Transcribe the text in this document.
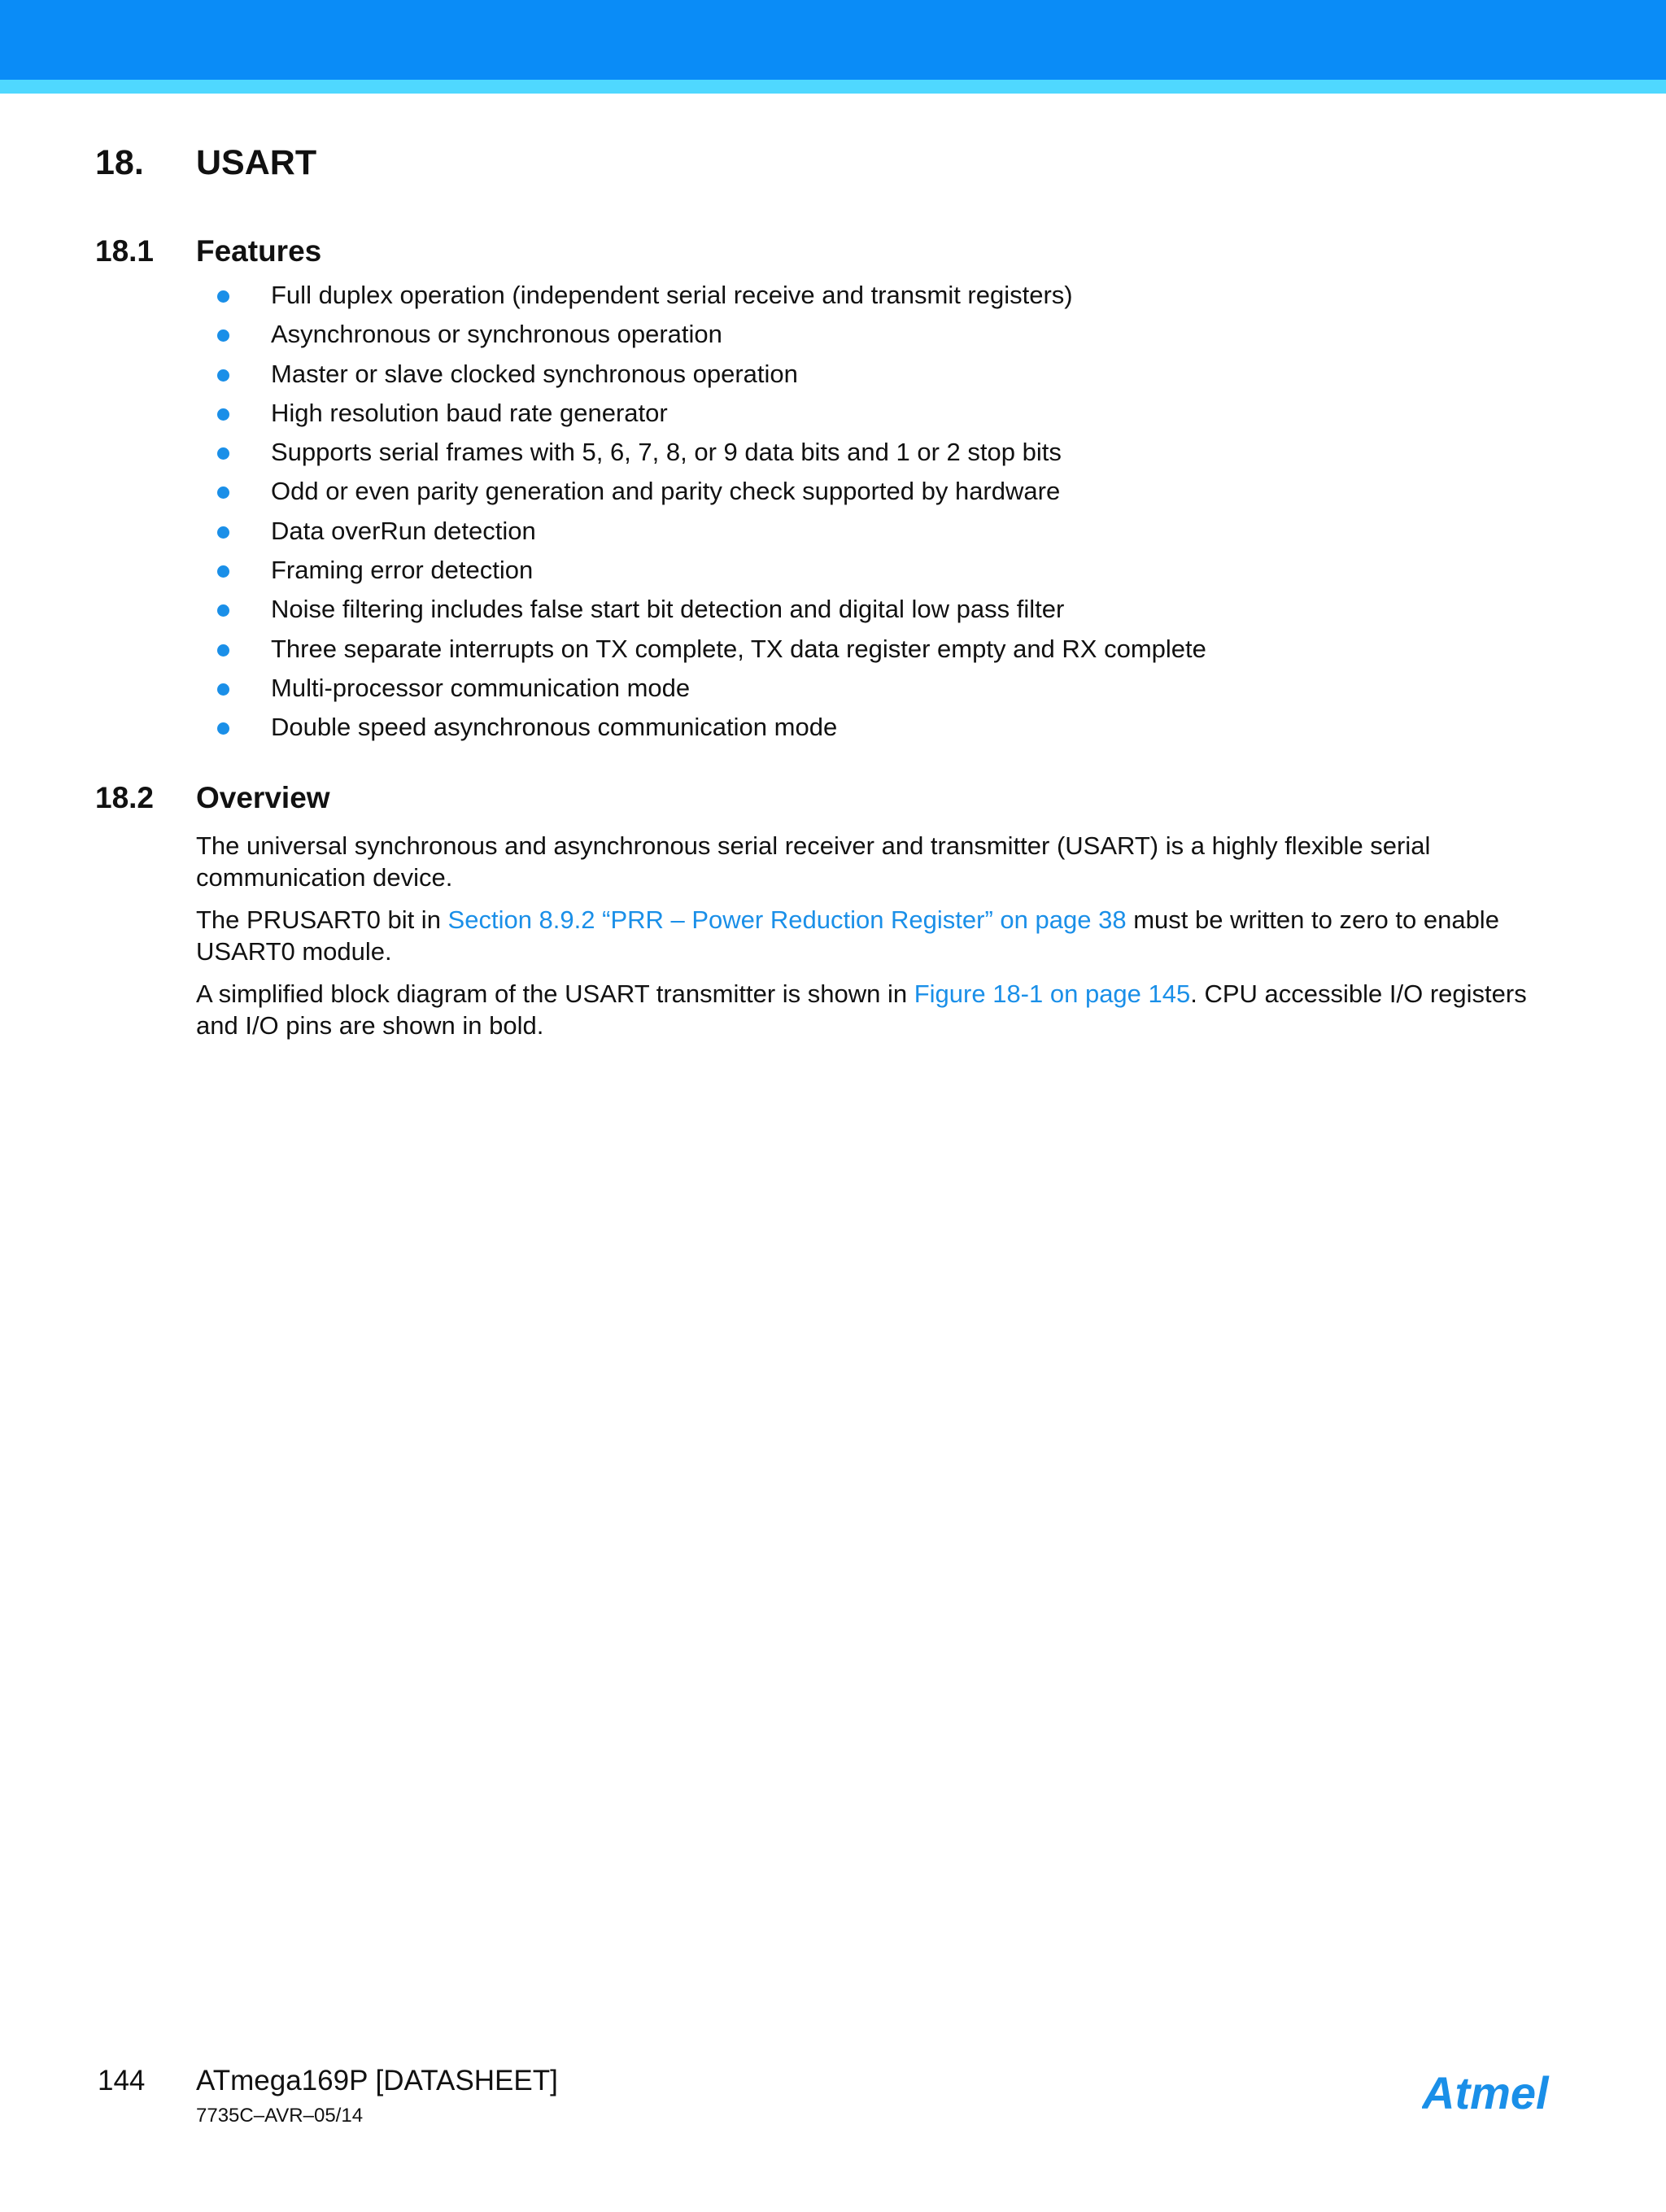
18. USART
18.1 Features
Full duplex operation (independent serial receive and transmit registers)
Asynchronous or synchronous operation
Master or slave clocked synchronous operation
High resolution baud rate generator
Supports serial frames with 5, 6, 7, 8, or 9 data bits and 1 or 2 stop bits
Odd or even parity generation and parity check supported by hardware
Data overRun detection
Framing error detection
Noise filtering includes false start bit detection and digital low pass filter
Three separate interrupts on TX complete, TX data register empty and RX complete
Multi-processor communication mode
Double speed asynchronous communication mode
18.2 Overview

The universal synchronous and asynchronous serial receiver and transmitter (USART) is a highly flexible serial communication device.

The PRUSART0 bit in Section 8.9.2 “PRR – Power Reduction Register” on page 38 must be written to zero to enable USART0 module.

A simplified block diagram of the USART transmitter is shown in Figure 18-1 on page 145. CPU accessible I/O registers and I/O pins are shown in bold.

144 ATmega169P [DATASHEET]
7735C–AVR–05/14	Atmel
